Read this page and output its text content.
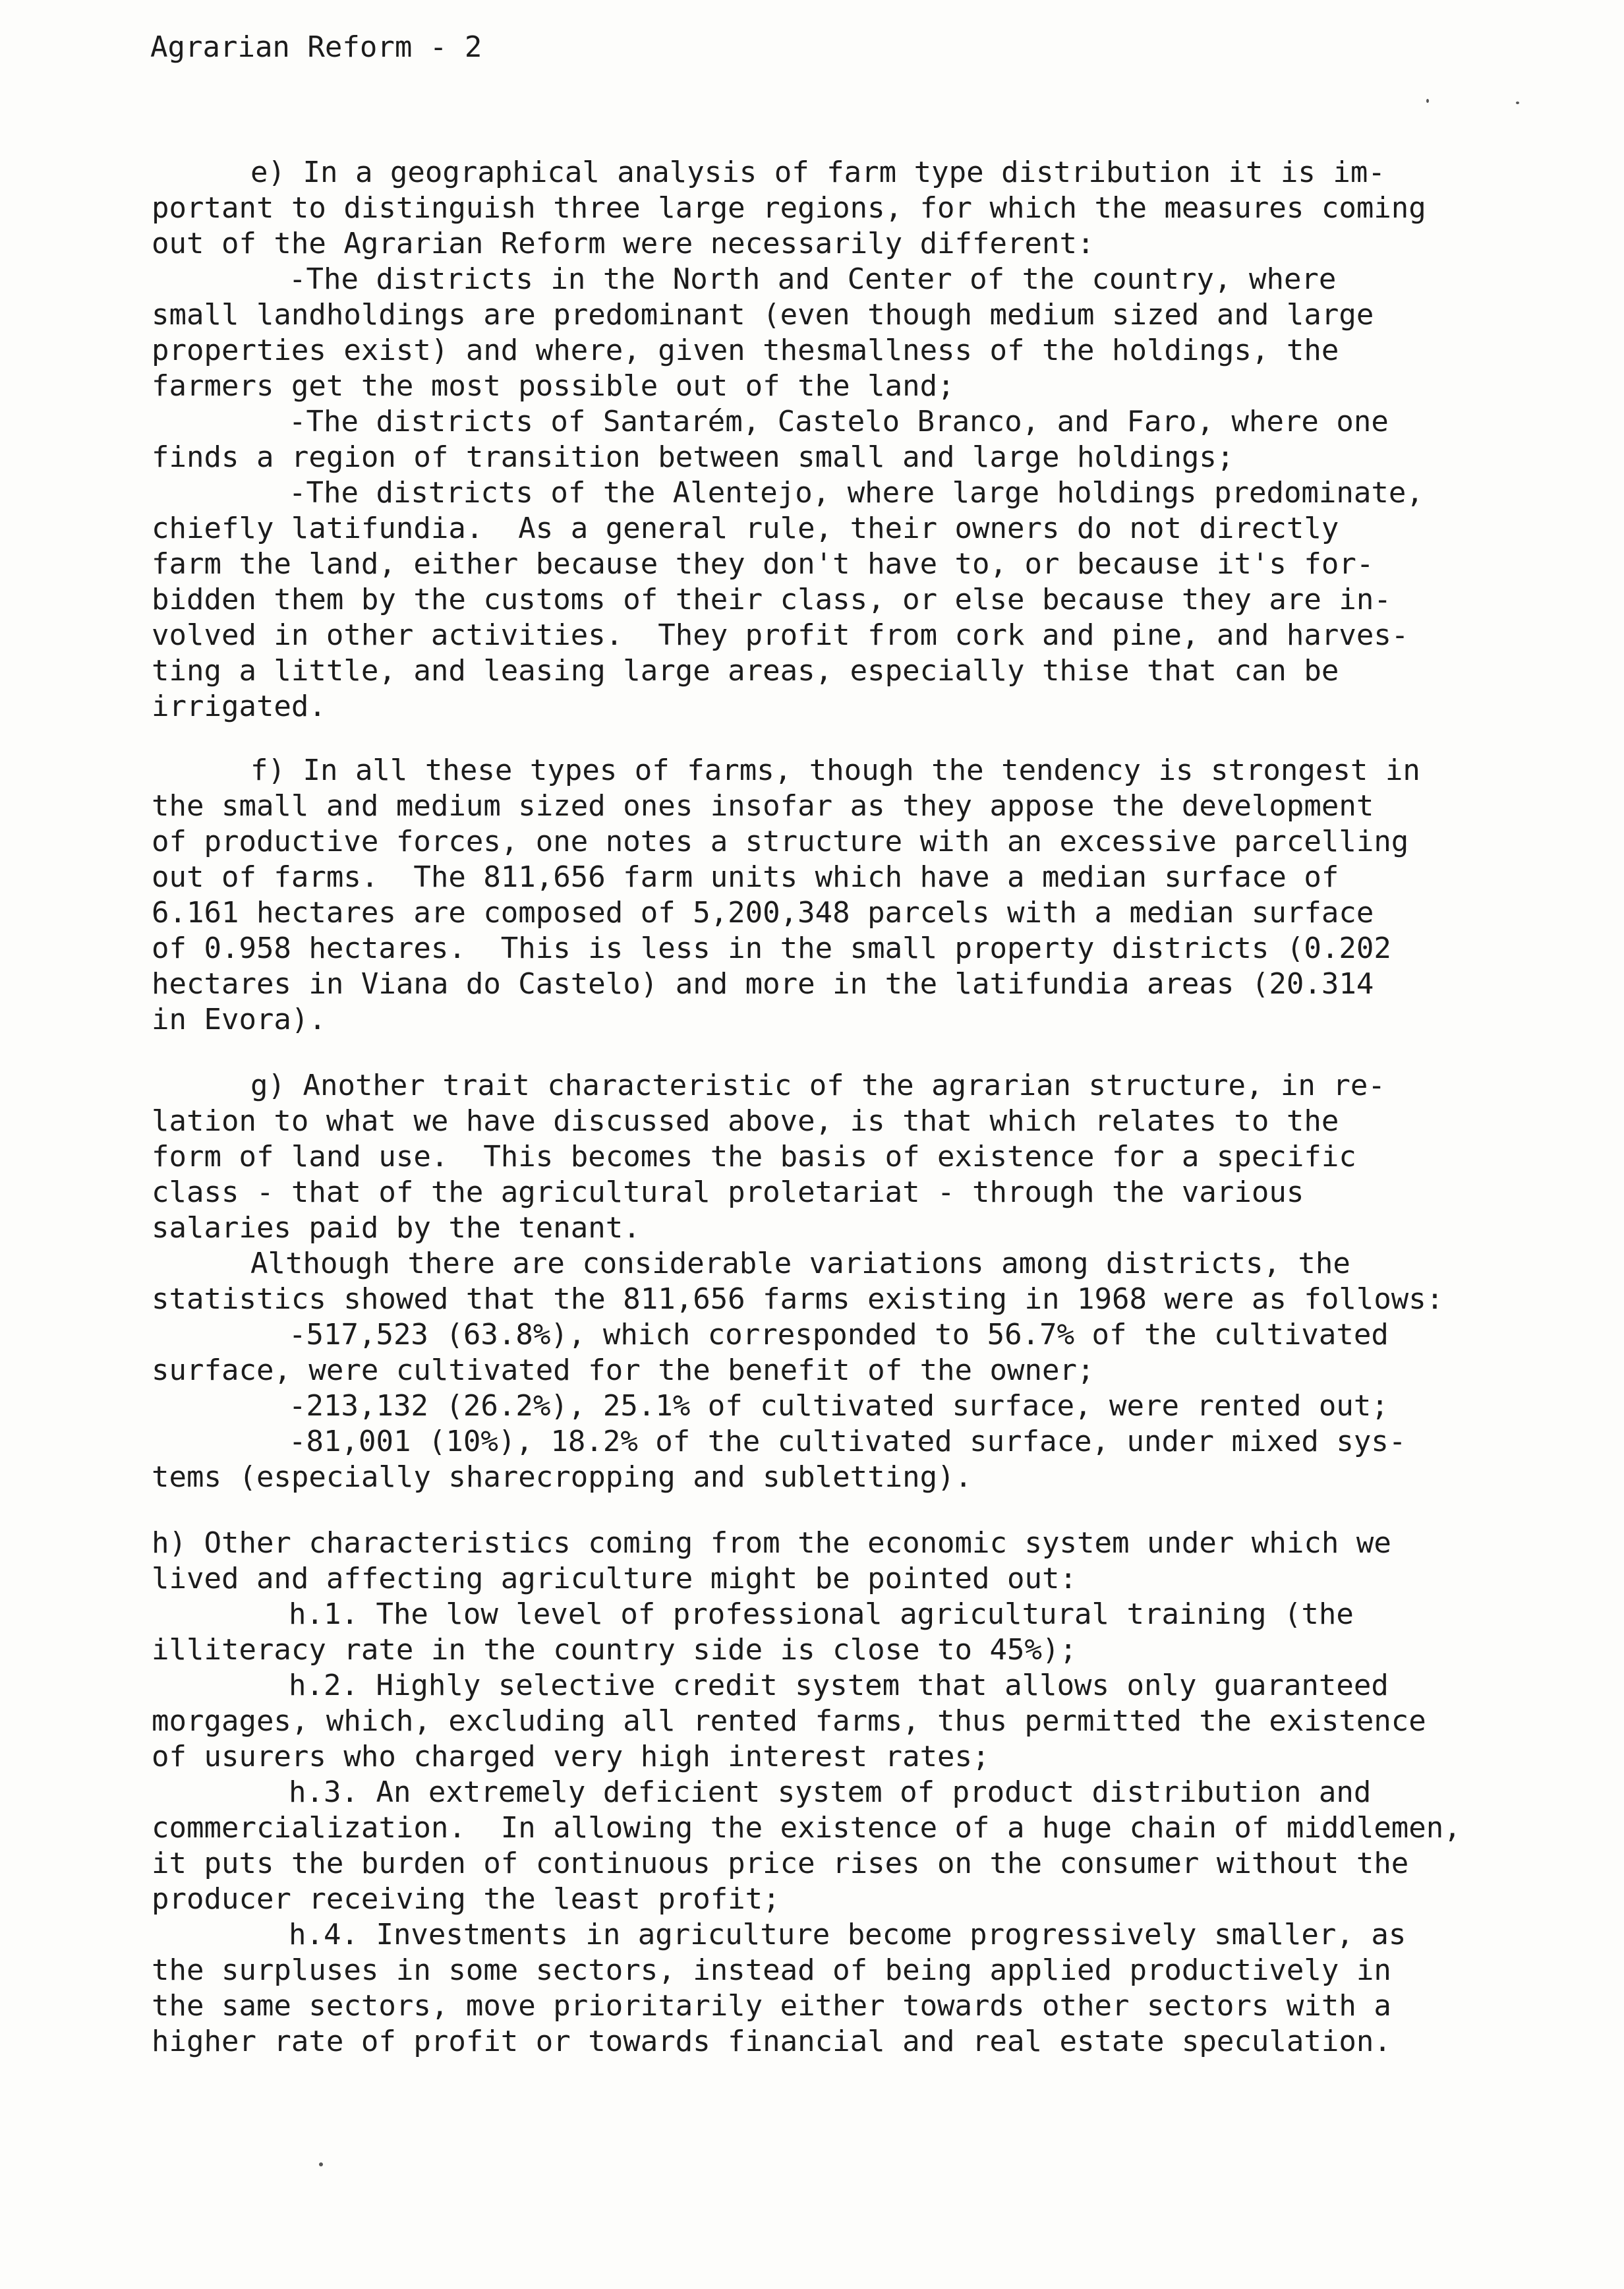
Agrarian Reform - 2
e) In a geographical analysis of farm type distribution it is im-
portant to distinguish three large regions, for which the measures coming
out of the Agrarian Reform were necessarily different:
-The districts in the North and Center of the country, where
small landholdings are predominant (even though medium sized and large
properties exist) and where, given thesmallness of the holdings, the
farmers get the most possible out of the land;
-The districts of Santarém, Castelo Branco, and Faro, where one
finds a region of transition between small and large holdings;
-The districts of the Alentejo, where large holdings predominate,
chiefly latifundia.  As a general rule, their owners do not directly
farm the land, either because they don't have to, or because it's for-
bidden them by the customs of their class, or else because they are in-
volved in other activities.  They profit from cork and pine, and harves-
ting a little, and leasing large areas, especially thise that can be
irrigated.
f) In all these types of farms, though the tendency is strongest in
the small and medium sized ones insofar as they appose the development
of productive forces, one notes a structure with an excessive parcelling
out of farms.  The 811,656 farm units which have a median surface of
6.161 hectares are composed of 5,200,348 parcels with a median surface
of 0.958 hectares.  This is less in the small property districts (0.202
hectares in Viana do Castelo) and more in the latifundia areas (20.314
in Evora).
g) Another trait characteristic of the agrarian structure, in re-
lation to what we have discussed above, is that which relates to the
form of land use.  This becomes the basis of existence for a specific
class - that of the agricultural proletariat - through the various
salaries paid by the tenant.
Although there are considerable variations among districts, the
statistics showed that the 811,656 farms existing in 1968 were as follows:
-517,523 (63.8%), which corresponded to 56.7% of the cultivated
surface, were cultivated for the benefit of the owner;
-213,132 (26.2%), 25.1% of cultivated surface, were rented out;
-81,001 (10%), 18.2% of the cultivated surface, under mixed sys-
tems (especially sharecropping and subletting).
h) Other characteristics coming from the economic system under which we
lived and affecting agriculture might be pointed out:
h.1. The low level of professional agricultural training (the
illiteracy rate in the country side is close to 45%);
h.2. Highly selective credit system that allows only guaranteed
morgages, which, excluding all rented farms, thus permitted the existence
of usurers who charged very high interest rates;
h.3. An extremely deficient system of product distribution and
commercialization.  In allowing the existence of a huge chain of middlemen,
it puts the burden of continuous price rises on the consumer without the
producer receiving the least profit;
h.4. Investments in agriculture become progressively smaller, as
the surpluses in some sectors, instead of being applied productively in
the same sectors, move prioritarily either towards other sectors with a
higher rate of profit or towards financial and real estate speculation.
